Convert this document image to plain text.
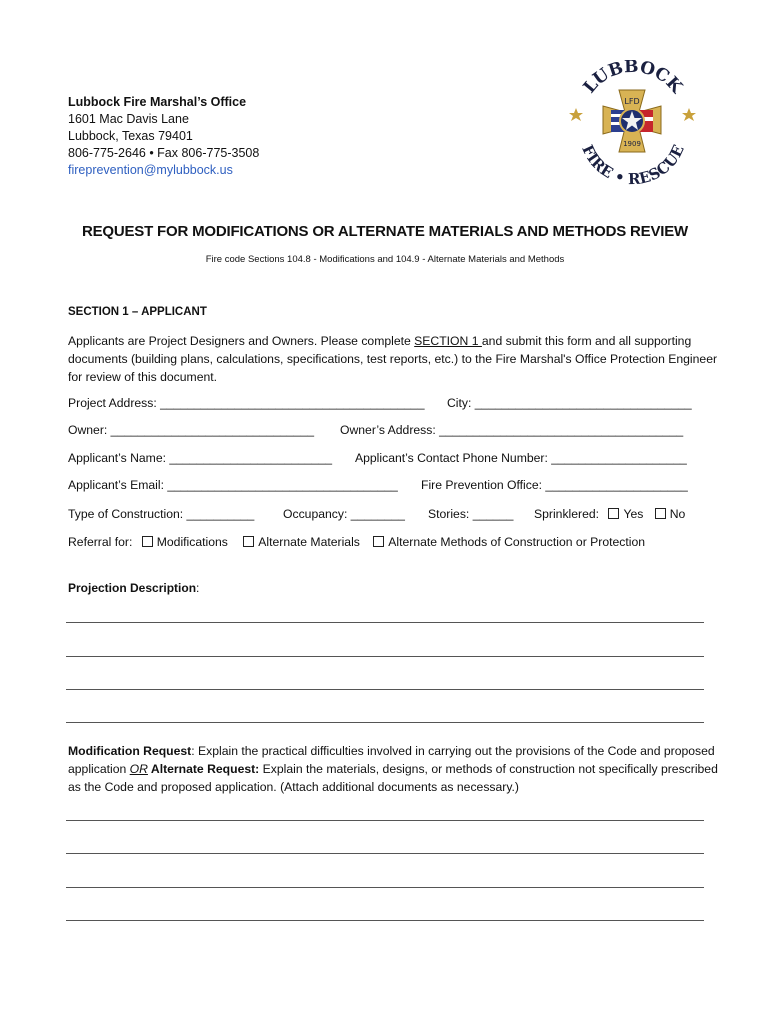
Lubbock Fire Marshal’s Office
1601 Mac Davis Lane
Lubbock, Texas 79401
806-775-2646 • Fax 806-775-3508
fireprevention@mylubbock.us
LUBBOCK
FIRE • RESCUE
LFD
1909
REQUEST FOR MODIFICATIONS OR ALTERNATE MATERIALS AND METHODS REVIEW
Fire code Sections 104.8 - Modifications and 104.9 - Alternate Materials and Methods
SECTION 1 – APPLICANT
Applicants are Project Designers and Owners. Please complete SECTION 1 and submit this form and all supporting documents (building plans, calculations, specifications, test reports, etc.) to the Fire Marshal's Office Protection Engineer for review of this document.
Project Address: _______________________________________ City: ________________________________
Owner: ______________________________ Owner’s Address: ____________________________________
Applicant’s Name: ________________________ Applicant’s Contact Phone Number: ____________________
Applicant’s Email: __________________________________ Fire Prevention Office: _____________________
Type of Construction: __________ Occupancy: ________ Stories: ______ Sprinklered: Yes No
Referral for: Modifications Alternate Materials Alternate Methods of Construction or Protection
Projection Description:
Modification Request: Explain the practical difficulties involved in carrying out the provisions of the Code and proposed application OR Alternate Request: Explain the materials, designs, or methods of construction not specifically prescribed as the Code and proposed application. (Attach additional documents as necessary.)
